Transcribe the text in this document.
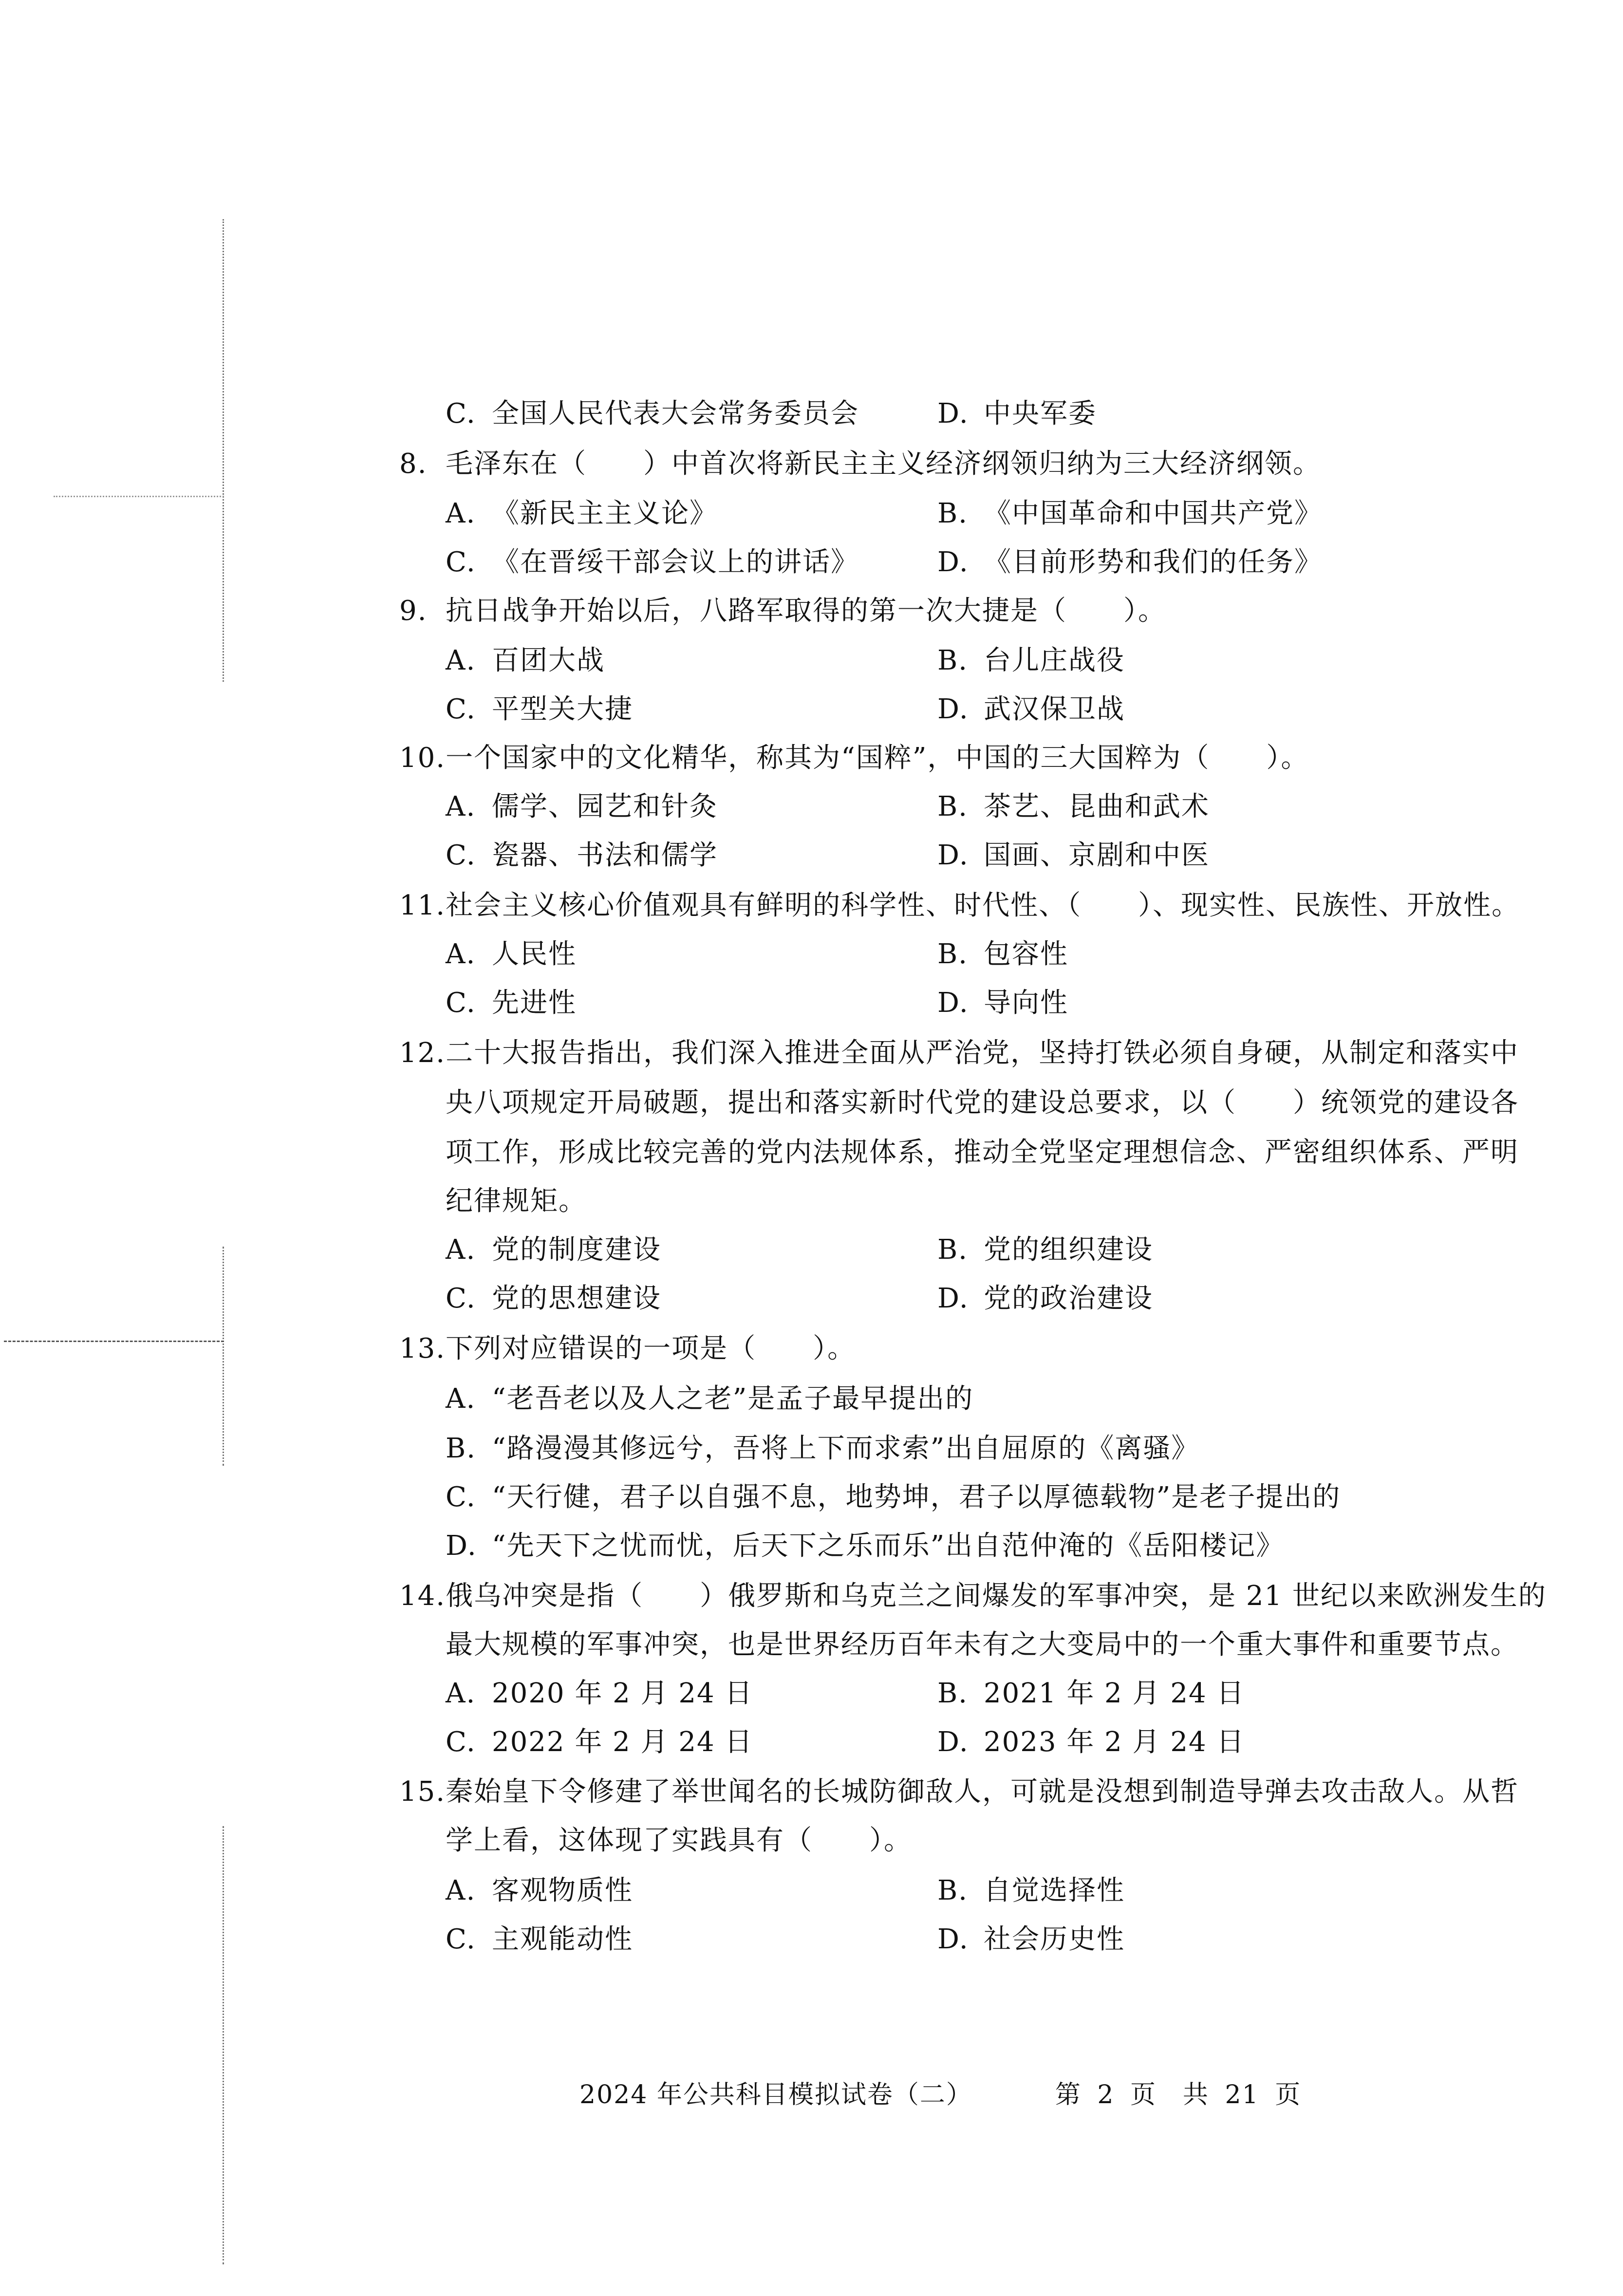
C. 全国人民代表大会常务委员会	D. 中央军委
8. 毛泽东在（　　）中首次将新民主主义经济纲领归纳为三大经济纲领。
A. 《新民主主义论》	B. 《中国革命和中国共产党》
C. 《在晋绥干部会议上的讲话》	D. 《目前形势和我们的任务》
9. 抗日战争开始以后，八路军取得的第一次大捷是（　　）。
A. 百团大战	B. 台儿庄战役
C. 平型关大捷	D. 武汉保卫战
10.一个国家中的文化精华，称其为“国粹”，中国的三大国粹为（　　）。
A. 儒学、园艺和针灸	B. 茶艺、昆曲和武术
C. 瓷器、书法和儒学	D. 国画、京剧和中医
11.社会主义核心价值观具有鲜明的科学性、时代性、（　　）、现实性、民族性、开放性。
A. 人民性	B. 包容性
C. 先进性	D. 导向性
12.二十大报告指出，我们深入推进全面从严治党，坚持打铁必须自身硬，从制定和落实中
央八项规定开局破题，提出和落实新时代党的建设总要求，以（　　）统领党的建设各
项工作，形成比较完善的党内法规体系，推动全党坚定理想信念、严密组织体系、严明
纪律规矩。
A. 党的制度建设	B. 党的组织建设
C. 党的思想建设	D. 党的政治建设
13.下列对应错误的一项是（　　）。
A. “老吾老以及人之老”是孟子最早提出的
B. “路漫漫其修远兮，吾将上下而求索”出自屈原的《离骚》
C. “天行健，君子以自强不息，地势坤，君子以厚德载物”是老子提出的
D. “先天下之忧而忧，后天下之乐而乐”出自范仲淹的《岳阳楼记》
14.俄乌冲突是指（　　）俄罗斯和乌克兰之间爆发的军事冲突，是 21 世纪以来欧洲发生的
最大规模的军事冲突，也是世界经历百年未有之大变局中的一个重大事件和重要节点。
A. 2020 年 2 月 24 日	B. 2021 年 2 月 24 日
C. 2022 年 2 月 24 日	D. 2023 年 2 月 24 日
15.秦始皇下令修建了举世闻名的长城防御敌人，可就是没想到制造导弹去攻击敌人。从哲
学上看，这体现了实践具有（　　）。
A. 客观物质性	B. 自觉选择性
C. 主观能动性	D. 社会历史性
2024 年公共科目模拟试卷（二）	第 2 页　共 21 页
